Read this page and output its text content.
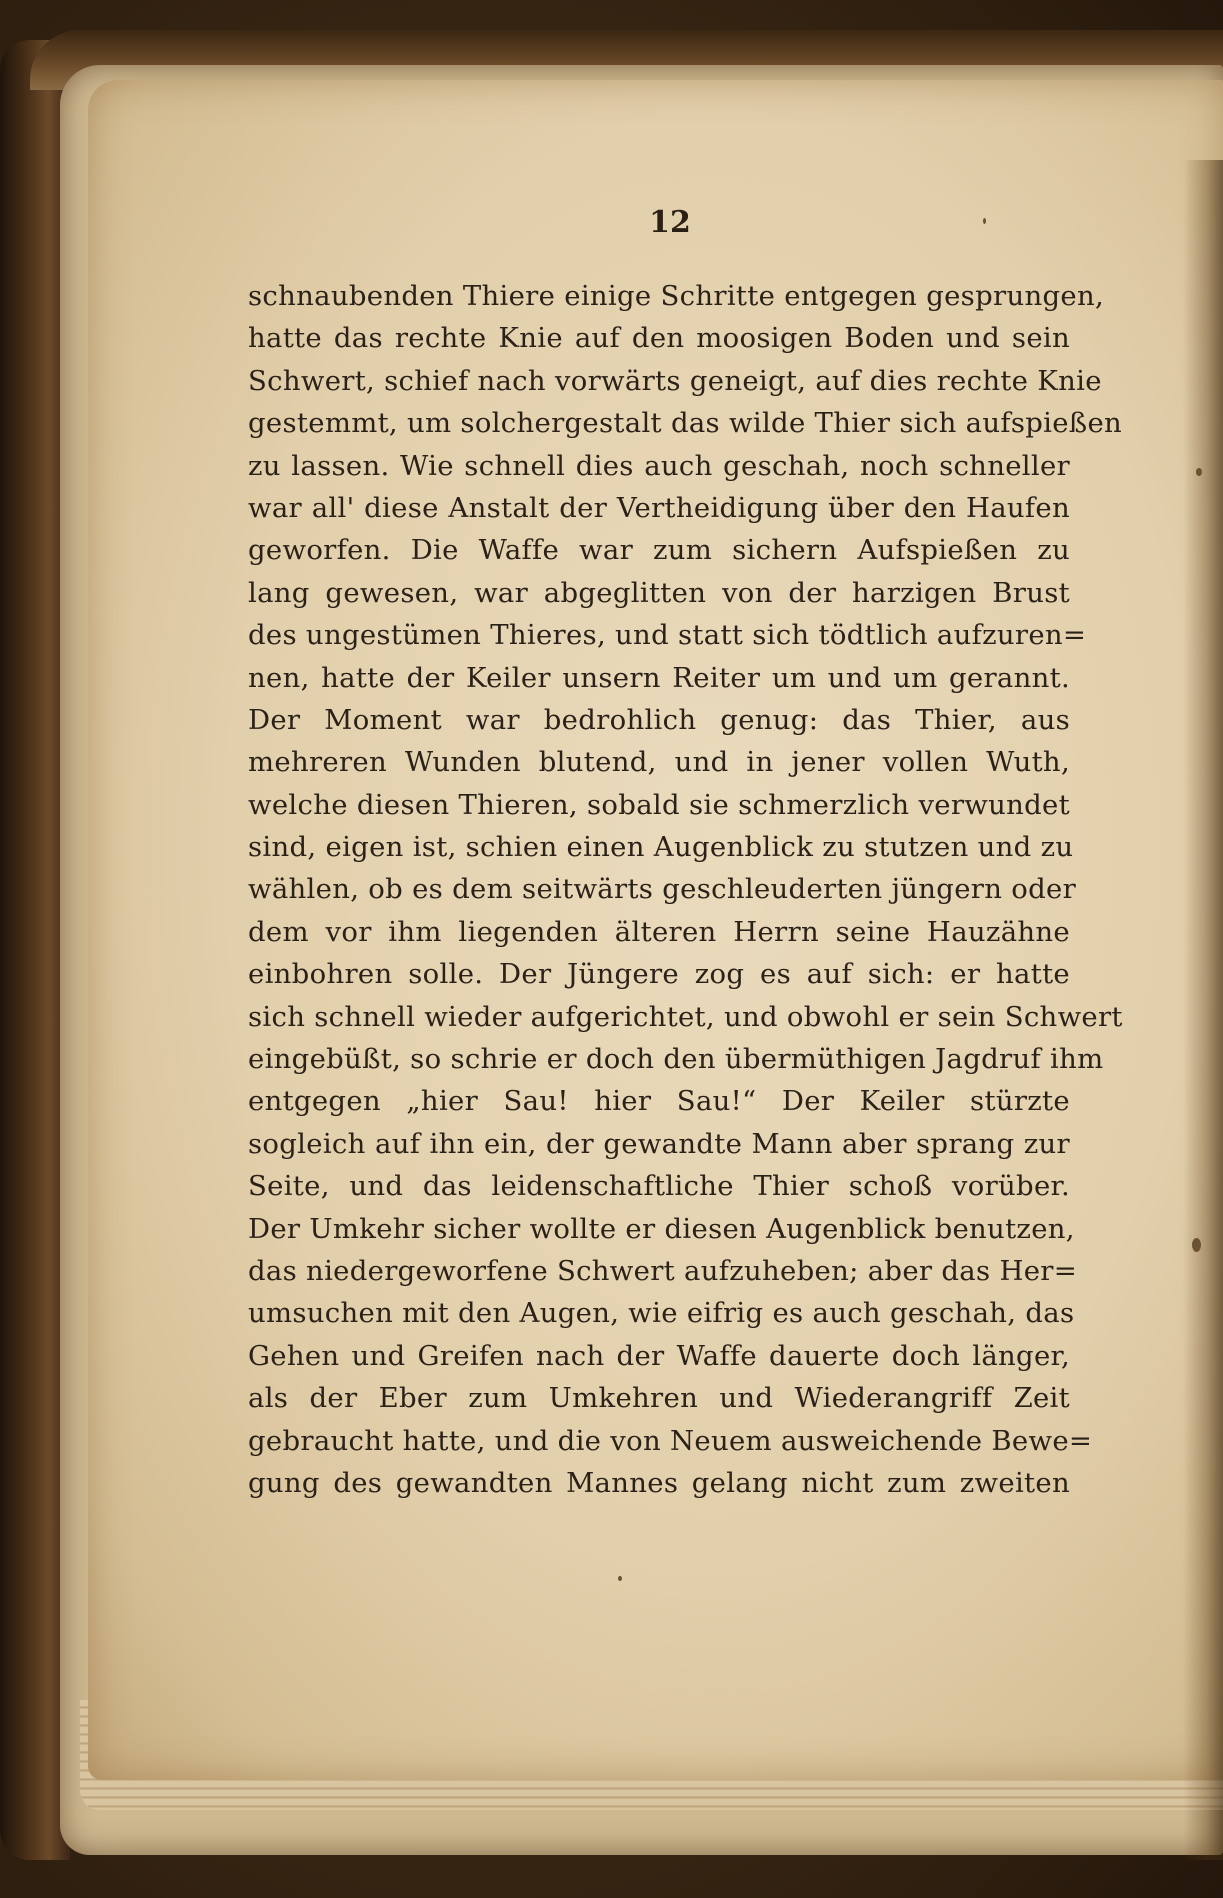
12
schnaubenden Thiere einige Schritte entgegen gesprungen,
hatte das rechte Knie auf den moosigen Boden und sein
Schwert, schief nach vorwärts geneigt, auf dies rechte Knie
gestemmt, um solchergestalt das wilde Thier sich aufspießen
zu lassen. Wie schnell dies auch geschah, noch schneller
war all' diese Anstalt der Vertheidigung über den Haufen
geworfen. Die Waffe war zum sichern Aufspießen zu
lang gewesen, war abgeglitten von der harzigen Brust
des ungestümen Thieres, und statt sich tödtlich aufzuren=
nen, hatte der Keiler unsern Reiter um und um gerannt.
Der Moment war bedrohlich genug: das Thier, aus
mehreren Wunden blutend, und in jener vollen Wuth,
welche diesen Thieren, sobald sie schmerzlich verwundet
sind, eigen ist, schien einen Augenblick zu stutzen und zu
wählen, ob es dem seitwärts geschleuderten jüngern oder
dem vor ihm liegenden älteren Herrn seine Hauzähne
einbohren solle. Der Jüngere zog es auf sich: er hatte
sich schnell wieder aufgerichtet, und obwohl er sein Schwert
eingebüßt, so schrie er doch den übermüthigen Jagdruf ihm
entgegen „hier Sau! hier Sau!“ Der Keiler stürzte
sogleich auf ihn ein, der gewandte Mann aber sprang zur
Seite, und das leidenschaftliche Thier schoß vorüber.
Der Umkehr sicher wollte er diesen Augenblick benutzen,
das niedergeworfene Schwert aufzuheben; aber das Her=
umsuchen mit den Augen, wie eifrig es auch geschah, das
Gehen und Greifen nach der Waffe dauerte doch länger,
als der Eber zum Umkehren und Wiederangriff Zeit
gebraucht hatte, und die von Neuem ausweichende Bewe=
gung des gewandten Mannes gelang nicht zum zweiten
